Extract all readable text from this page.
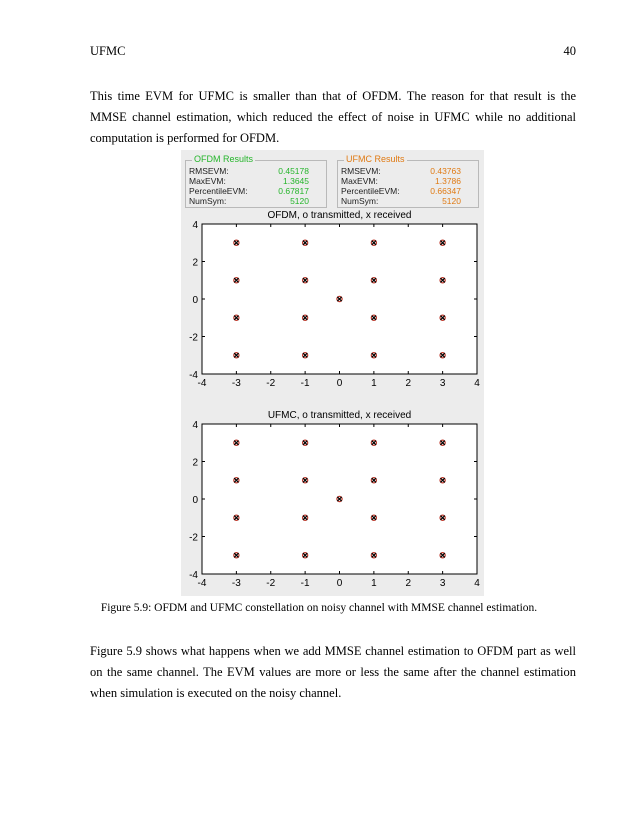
UFMC	40
This time EVM for UFMC is smaller than that of OFDM. The reason for that result is the MMSE channel estimation, which reduced the effect of noise in UFMC while no additional computation is performed for OFDM.
OFDM Results
RMSEVM:	0.45178
MaxEVM:	1.3645
PercentileEVM:	0.67817
NumSym:	5120
UFMC Results
RMSEVM:	0.43763
MaxEVM:	1.3786
PercentileEVM:	0.66347
NumSym:	5120
OFDM, o transmitted, x received
-4	-3	-2	-1	0	1	2	3	4
4
2
0
-2
-4
UFMC, o transmitted, x received
-4	-3	-2	-1	0	1	2	3	4
4
2
0
-2
-4
Figure 5.9: OFDM and UFMC constellation on noisy channel with MMSE channel estimation.
Figure 5.9 shows what happens when we add MMSE channel estimation to OFDM part as well on the same channel. The EVM values are more or less the same after the channel estimation when simulation is executed on the noisy channel.
